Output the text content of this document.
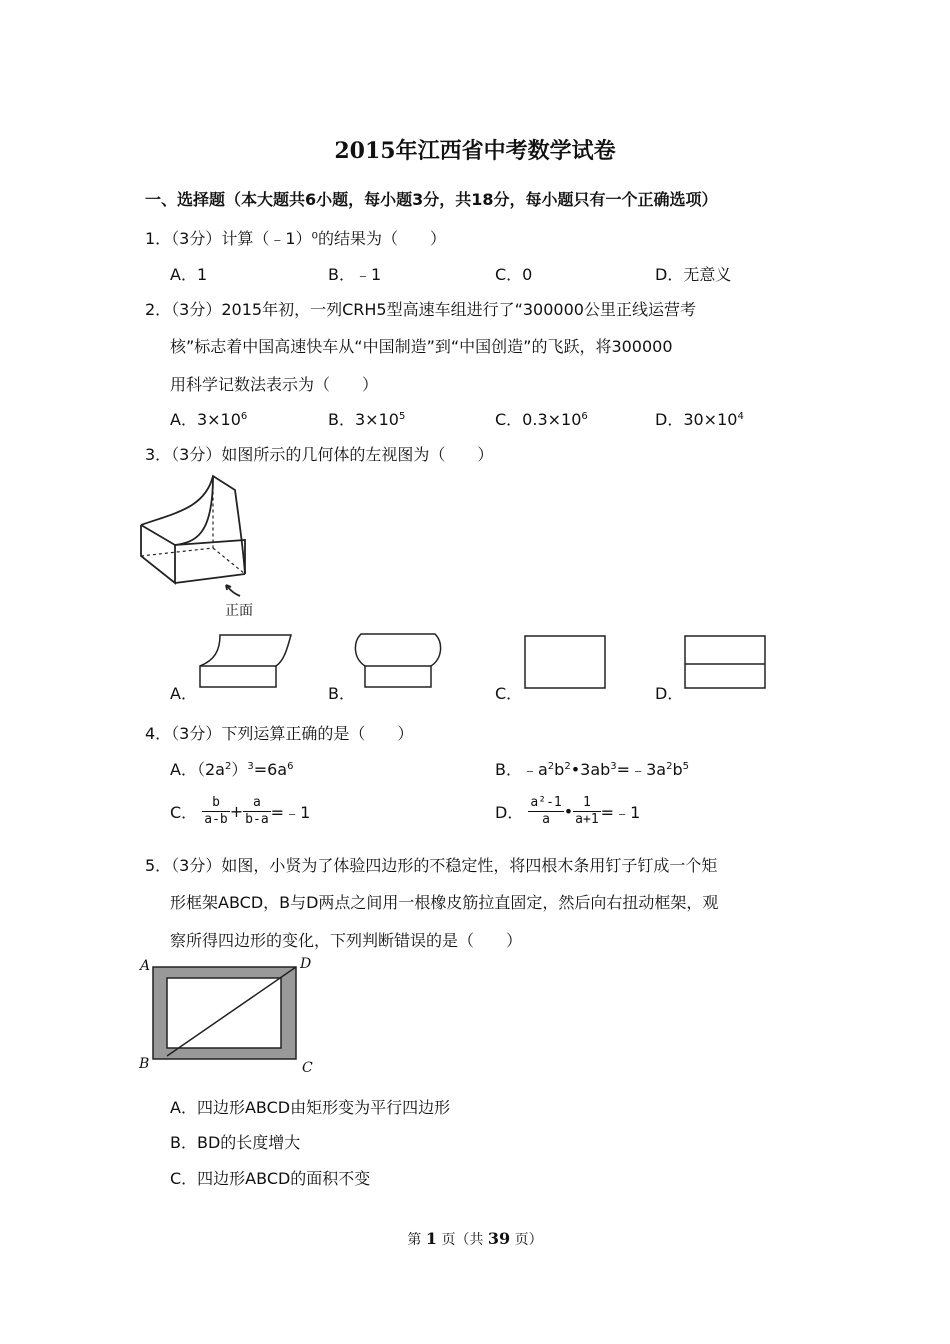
2015年江西省中考数学试卷
一、选择题（本大题共6小题，每小题3分，共18分，每小题只有一个正确选项）
1．（3分）计算（﹣1）⁰的结果为（　　）
A．1	B．﹣1	C．0	D．无意义
2．（3分）2015年初，一列CRH5型高速车组进行了“300000公里正线运营考
核”标志着中国高速快车从“中国制造”到“中国创造”的飞跃，将300000
用科学记数法表示为（　　）
A．$3\times 10^6$	B．$3\times 10^5$	C．$0.3\times 10^6$	D．$30\times 10^4$
3．（3分）如图所示的几何体的左视图为（　　）
正面
A．	B．	C．	D．
4．（3分）下列运算正确的是（　　）
A．$(2a^2)^3=6a^6$	B．$﹣a^2b^2•3ab^3=﹣3a^2b^5$
C． $\frac{b}{a-b} + \frac{a}{b-a}$ =﹣1	D． $\frac{\text{a²-1}}{a}$ • $\frac{1}{a+1}$ =﹣1
5．（3分）如图，小贤为了体验四边形的不稳定性，将四根木条用钉子钉成一个矩
形框架ABCD，B与D两点之间用一根橡皮筋拉直固定，然后向右扭动框架，观
察所得四边形的变化，下列判断错误的是（　　）
A	D
B	C
A．四边形ABCD由矩形变为平行四边形
B．BD的长度增大
C．四边形ABCD的面积不变
第 1 页（共 39 页）
